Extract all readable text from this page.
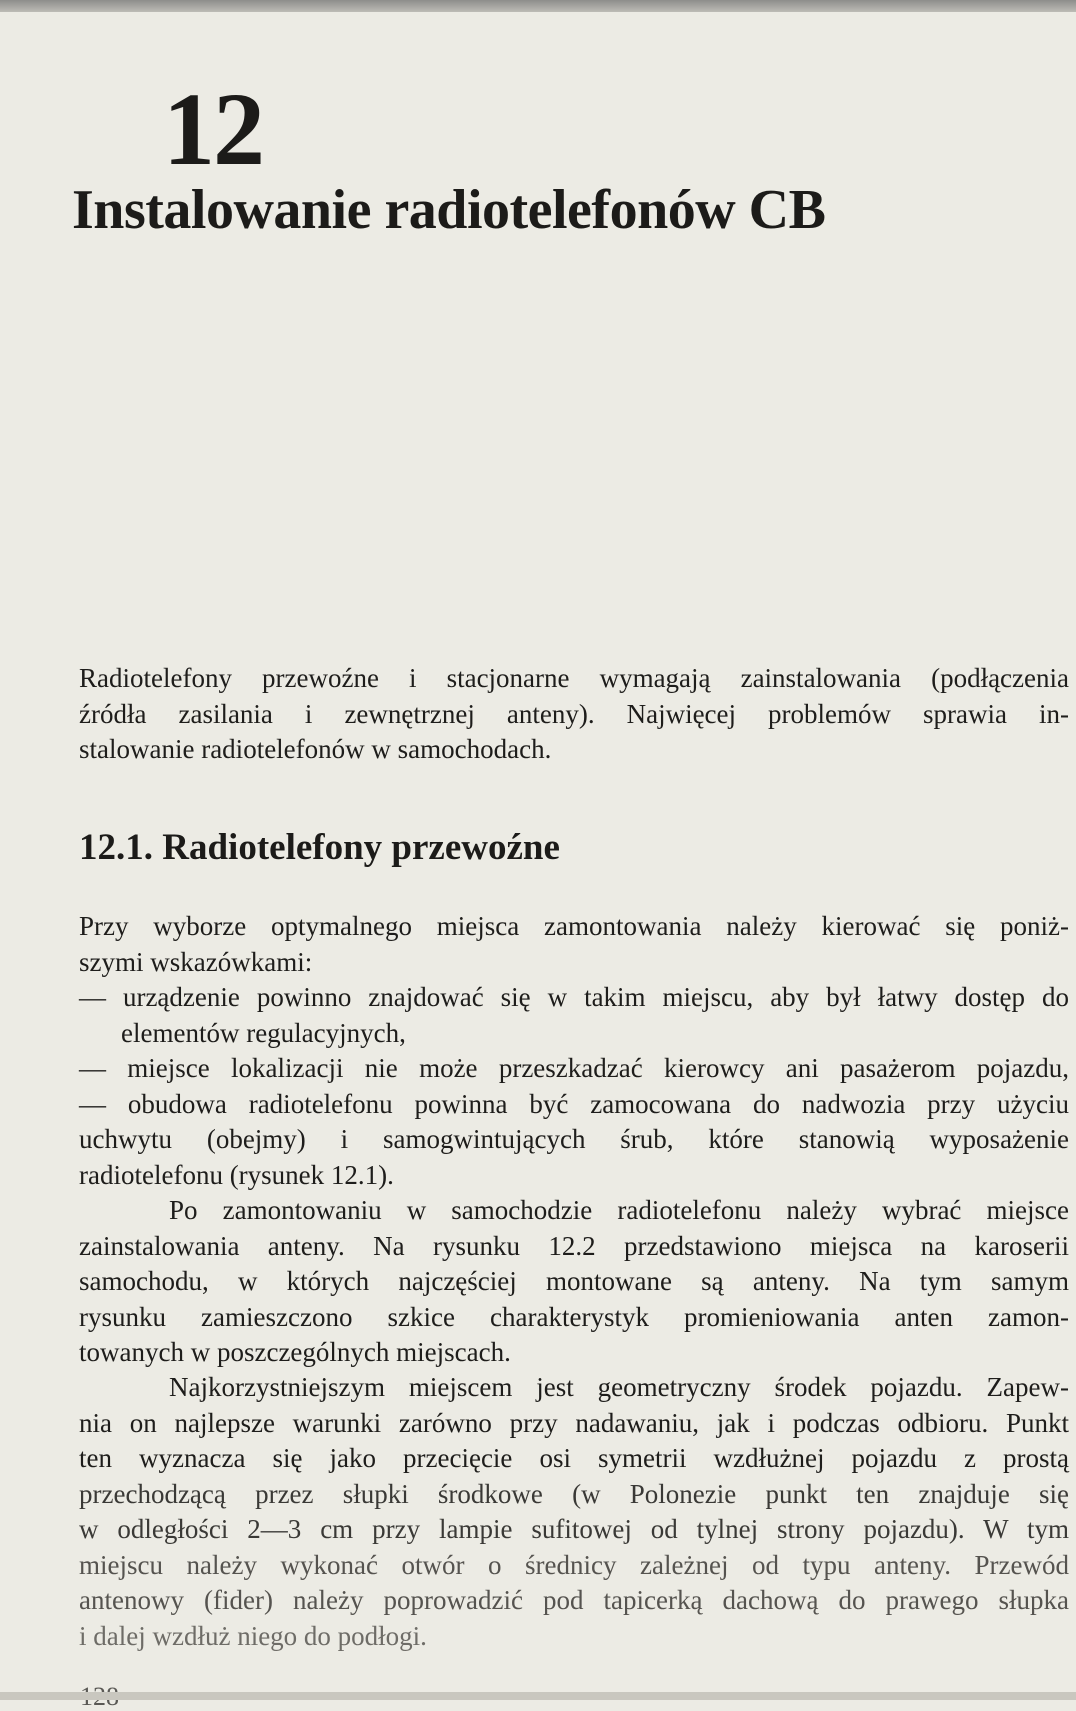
12
Instalowanie radiotelefonów CB
Radiotelefony przewoźne i stacjonarne wymagają zainstalowania (podłączenia
źródła zasilania i zewnętrznej anteny). Najwięcej problemów sprawia in-
stalowanie radiotelefonów w samochodach.
12.1. Radiotelefony przewoźne
Przy wyborze optymalnego miejsca zamontowania należy kierować się poniż-
szymi wskazówkami:
— urządzenie powinno znajdować się w takim miejscu, aby był łatwy dostęp do
elementów regulacyjnych,
— miejsce lokalizacji nie może przeszkadzać kierowcy ani pasażerom pojazdu,
— obudowa radiotelefonu powinna być zamocowana do nadwozia przy użyciu
uchwytu (obejmy) i samogwintujących śrub, które stanowią wyposażenie
radiotelefonu (rysunek 12.1).
Po zamontowaniu w samochodzie radiotelefonu należy wybrać miejsce
zainstalowania anteny. Na rysunku 12.2 przedstawiono miejsca na karoserii
samochodu, w których najczęściej montowane są anteny. Na tym samym
rysunku zamieszczono szkice charakterystyk promieniowania anten zamon-
towanych w poszczególnych miejscach.
Najkorzystniejszym miejscem jest geometryczny środek pojazdu. Zapew-
nia on najlepsze warunki zarówno przy nadawaniu, jak i podczas odbioru. Punkt
ten wyznacza się jako przecięcie osi symetrii wzdłużnej pojazdu z prostą
przechodzącą przez słupki środkowe (w Polonezie punkt ten znajduje się
w odległości 2—3 cm przy lampie sufitowej od tylnej strony pojazdu). W tym
miejscu należy wykonać otwór o średnicy zależnej od typu anteny. Przewód
antenowy (fider) należy poprowadzić pod tapicerką dachową do prawego słupka
i dalej wzdłuż niego do podłogi.
